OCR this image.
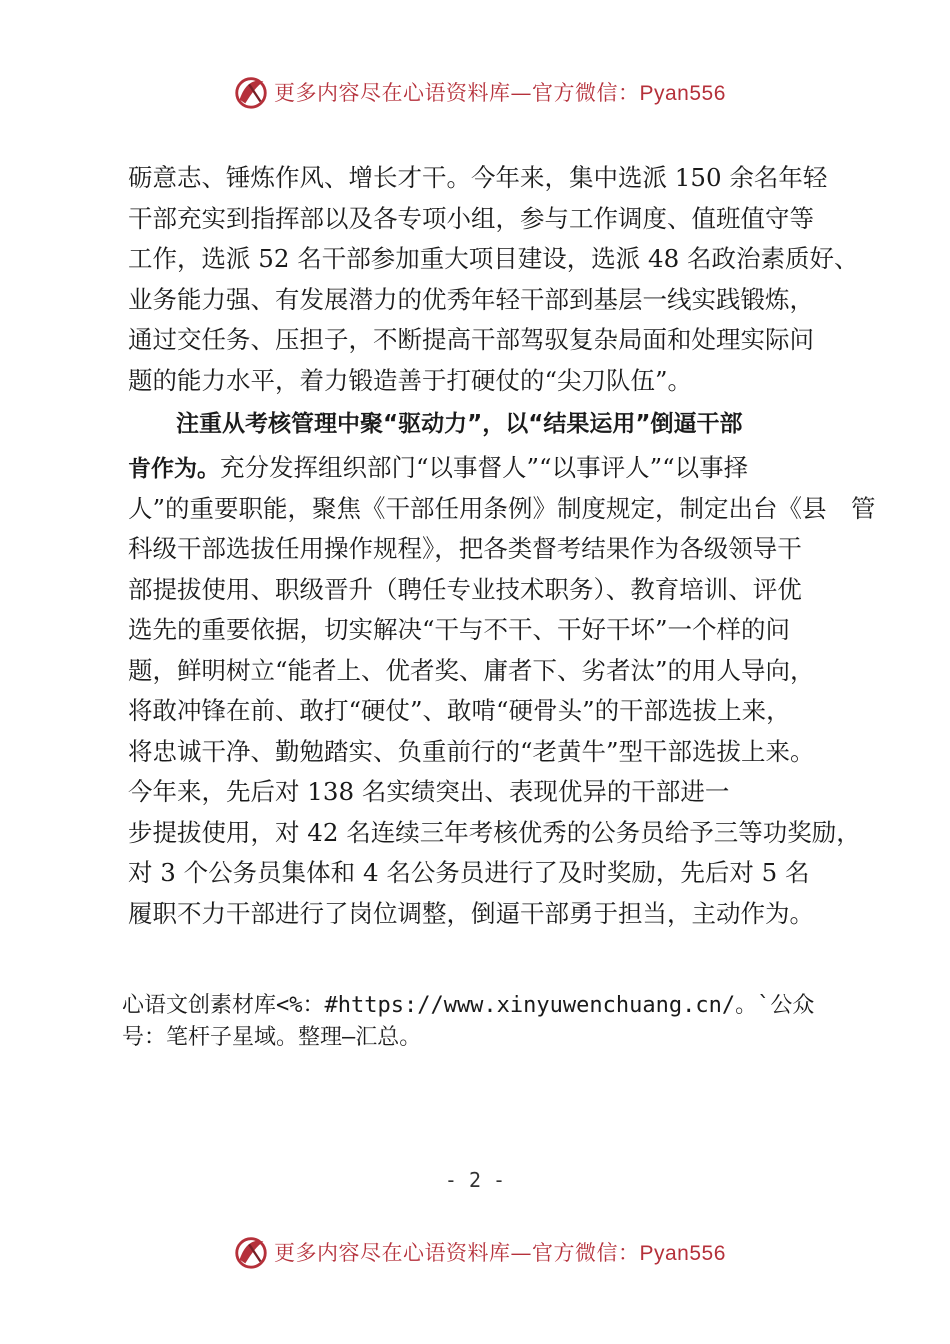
更多内容尽在心语资料库—官方微信：Pyan556
砺意志、锤炼作风、增长才干。今年来，集中选派 150 余名年轻
干部充实到指挥部以及各专项小组，参与工作调度、值班值守等
工作，选派 52 名干部参加重大项目建设，选派 48 名政治素质好、
业务能力强、有发展潜力的优秀年轻干部到基层一线实践锻炼，
通过交任务、压担子，不断提高干部驾驭复杂局面和处理实际问
题的能力水平，着力锻造善于打硬仗的“尖刀队伍”。
注重从考核管理中聚“驱动力”，以“结果运用”倒逼干部
肯作为。充分发挥组织部门“以事督人”“以事评人”“以事择
人”的重要职能，聚焦《干部任用条例》制度规定，制定出台《县　管
科级干部选拔任用操作规程》，把各类督考结果作为各级领导干
部提拔使用、职级晋升（聘任专业技术职务）、教育培训、评优
选先的重要依据，切实解决“干与不干、干好干坏”一个样的问
题，鲜明树立“能者上、优者奖、庸者下、劣者汰”的用人导向，
将敢冲锋在前、敢打“硬仗”、敢啃“硬骨头”的干部选拔上来，
将忠诚干净、勤勉踏实、负重前行的“老黄牛”型干部选拔上来。
今年来，先后对 138 名实绩突出、表现优异的干部进一
步提拔使用，对 42 名连续三年考核优秀的公务员给予三等功奖励，
对 3 个公务员集体和 4 名公务员进行了及时奖励，先后对 5 名
履职不力干部进行了岗位调整，倒逼干部勇于担当，主动作为。
心语文创素材库<%：#https://www.xinyuwenchuang.cn/。`公众
号：笔杆子星域。整理—汇总。
- 2 -
更多内容尽在心语资料库—官方微信：Pyan556
